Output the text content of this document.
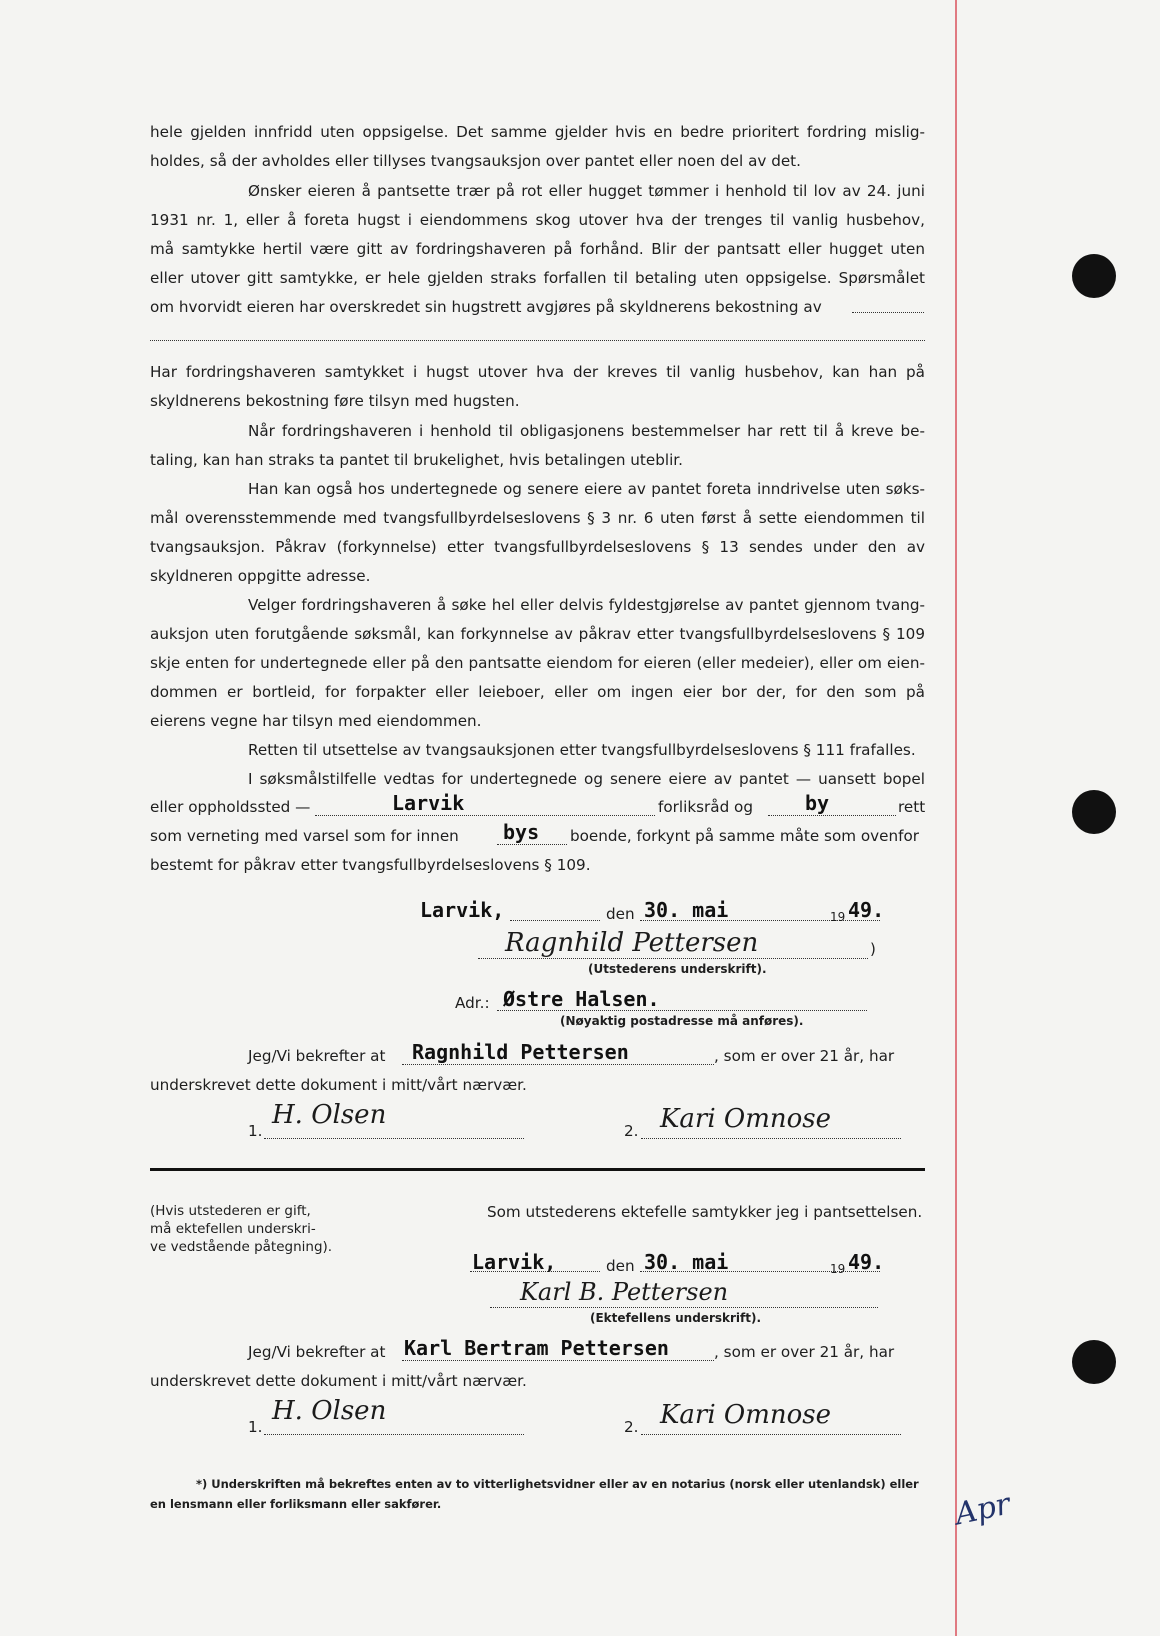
hele gjelden innfridd uten oppsigelse. Det samme gjelder hvis en bedre prioritert fordring mislig-
holdes, så der avholdes eller tillyses tvangsauksjon over pantet eller noen del av det.
Ønsker eieren å pantsette trær på rot eller hugget tømmer i henhold til lov av 24. juni
1931 nr. 1, eller å foreta hugst i eiendommens skog utover hva der trenges til vanlig husbehov,
må samtykke hertil være gitt av fordringshaveren på forhånd. Blir der pantsatt eller hugget uten
eller utover gitt samtykke, er hele gjelden straks forfallen til betaling uten oppsigelse. Spørsmålet
om hvorvidt eieren har overskredet sin hugstrett avgjøres på skyldnerens bekostning av
Har fordringshaveren samtykket i hugst utover hva der kreves til vanlig husbehov, kan han på
skyldnerens bekostning føre tilsyn med hugsten.
Når fordringshaveren i henhold til obligasjonens bestemmelser har rett til å kreve be-
taling, kan han straks ta pantet til brukelighet, hvis betalingen uteblir.
Han kan også hos undertegnede og senere eiere av pantet foreta inndrivelse uten søks-
mål overensstemmende med tvangsfullbyrdelseslovens § 3 nr. 6 uten først å sette eiendommen til
tvangsauksjon. Påkrav (forkynnelse) etter tvangsfullbyrdelseslovens § 13 sendes under den av
skyldneren oppgitte adresse.
Velger fordringshaveren å søke hel eller delvis fyldestgjørelse av pantet gjennom tvang-
auksjon uten forutgående søksmål, kan forkynnelse av påkrav etter tvangsfullbyrdelseslovens § 109
skje enten for undertegnede eller på den pantsatte eiendom for eieren (eller medeier), eller om eien-
dommen er bortleid, for forpakter eller leieboer, eller om ingen eier bor der, for den som på
eierens vegne har tilsyn med eiendommen.
Retten til utsettelse av tvangsauksjonen etter tvangsfullbyrdelseslovens § 111 frafalles.
I søksmålstilfelle vedtas for undertegnede og senere eiere av pantet — uansett bopel
eller oppholdssted —	Larvik	forliksråd og	by	rett
som verneting med varsel som for innen bys boende, forkynt på samme måte som ovenfor
bestemt for påkrav etter tvangsfullbyrdelseslovens § 109.
Larvik,	den 30. mai	19 49.
Ragnhild Pettersen	)
(Utstederens underskrift).
Adr.: Østre Halsen.
(Nøyaktig postadresse må anføres).
Jeg/Vi bekrefter at Ragnhild Pettersen	, som er over 21 år, har
underskrevet dette dokument i mitt/vårt nærvær.
1.
H. Olsen
2. Kari Omnose
(Hvis utstederen er gift,
må ektefellen underskri-
ve vedstående påtegning).
Som utstederens ektefelle samtykker jeg i pantsettelsen.
Larvik,	den 30. mai	19 49.
Karl B. Pettersen
(Ektefellens underskrift).
Jeg/Vi bekrefter at Karl Bertram Pettersen	, som er over 21 år, har
underskrevet dette dokument i mitt/vårt nærvær.
1.
H. Olsen
2. Kari Omnose
*) Underskriften må bekreftes enten av to vitterlighetsvidner eller av en notarius (norsk eller utenlandsk) eller
en lensmann eller forliksmann eller sakfører.	Apr
